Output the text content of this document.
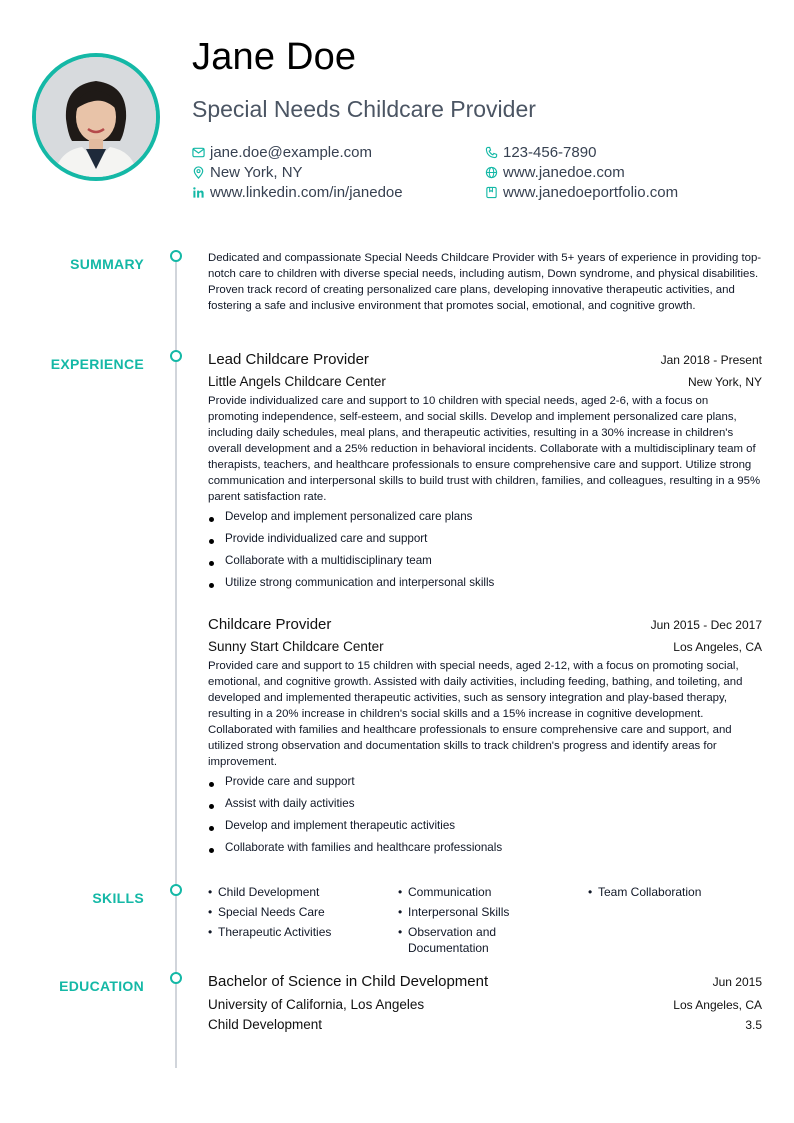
Jane Doe
Special Needs Childcare Provider
jane.doe@example.com	123-456-7890
New York, NY	www.janedoe.com
www.linkedin.com/in/janedoe	www.janedoeportfolio.com
SUMMARY	Dedicated and compassionate Special Needs Childcare Provider with 5+ years of experience in providing top-notch care to children with diverse special needs, including autism, Down syndrome, and physical disabilities. Proven track record of creating personalized care plans, developing innovative therapeutic activities, and fostering a safe and inclusive environment that promotes social, emotional, and cognitive growth.
EXPERIENCE	Lead Childcare Provider	Jan 2018 - Present
Little Angels Childcare Center	New York, NY
Provide individualized care and support to 10 children with special needs, aged 2-6, with a focus on promoting independence, self-esteem, and social skills. Develop and implement personalized care plans, including daily schedules, meal plans, and therapeutic activities, resulting in a 30% increase in children's overall development and a 25% reduction in behavioral incidents. Collaborate with a multidisciplinary team of therapists, teachers, and healthcare professionals to ensure comprehensive care and support. Utilize strong communication and interpersonal skills to build trust with children, families, and colleagues, resulting in a 95% parent satisfaction rate.
Develop and implement personalized care plans
Provide individualized care and support
Collaborate with a multidisciplinary team
Utilize strong communication and interpersonal skills
Childcare Provider	Jun 2015 - Dec 2017
Sunny Start Childcare Center	Los Angeles, CA
Provided care and support to 15 children with special needs, aged 2-12, with a focus on promoting social, emotional, and cognitive growth. Assisted with daily activities, including feeding, bathing, and toileting, and developed and implemented therapeutic activities, such as sensory integration and play-based therapy, resulting in a 20% increase in children's social skills and a 15% increase in cognitive development. Collaborated with families and healthcare professionals to ensure comprehensive care and support, and utilized strong observation and documentation skills to track children's progress and identify areas for improvement.
Provide care and support
Assist with daily activities
Develop and implement therapeutic activities
Collaborate with families and healthcare professionals
SKILLS	• Child Development	• Communication	• Team Collaboration
• Special Needs Care	• Interpersonal Skills
• Therapeutic Activities	• Observation and Documentation
EDUCATION	Bachelor of Science in Child Development	Jun 2015
University of California, Los Angeles	Los Angeles, CA
Child Development	3.5
